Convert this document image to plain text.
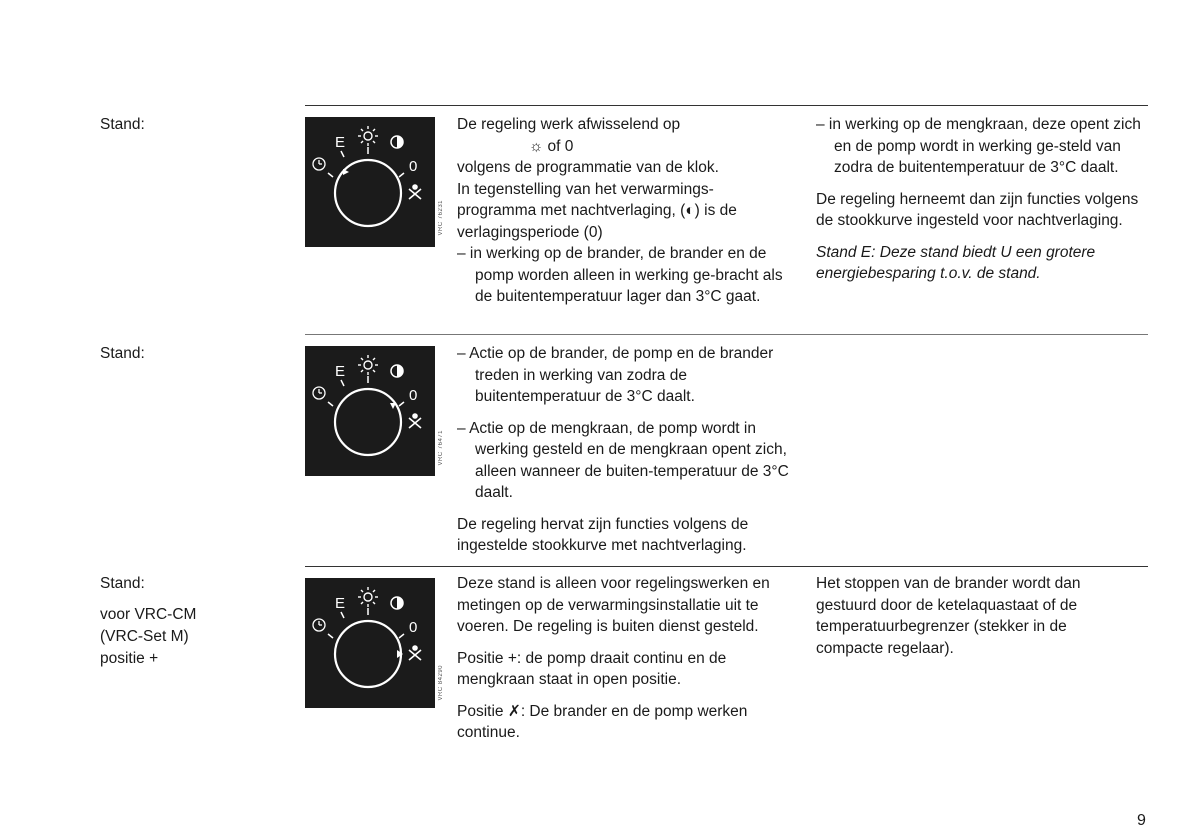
Stand:
E
0
VRC 76231

De regeling werk afwisselend op

☼ of 0

volgens de programmatie van de klok.

In tegenstelling van het verwarmings-

programma met nachtverlaging, (◐) is de

verlagingsperiode (0)

– in werking op de brander, de brander en de pomp worden alleen in werking ge-bracht als de buitentemperatuur lager dan 3°C gaat.

– in werking op de mengkraan, deze opent zich en de pomp wordt in werking ge-steld van zodra de buitentemperatuur de 3°C daalt.

De regeling herneemt dan zijn functies volgens de stookkurve ingesteld voor nachtverlaging.

Stand E: Deze stand biedt U een grotere energiebesparing t.o.v. de stand.

Stand:
E
0
VRC 76471

– Actie op de brander, de pomp en de brander treden in werking van zodra de buitentemperatuur de 3°C daalt.

– Actie op de mengkraan, de pomp wordt in werking gesteld en de mengkraan opent zich, alleen wanneer de buiten-temperatuur de 3°C daalt.

De regeling hervat zijn functies volgens de ingestelde stookkurve met nachtverlaging.

Stand:
voor VRC-CM
(VRC-Set M)
positie +
E
0
VRC 84290

Deze stand is alleen voor regelingswerken en metingen op de verwarmingsinstallatie uit te voeren. De regeling is buiten dienst gesteld.

Positie +: de pomp draait continu en de mengkraan staat in open positie.

Positie ✗: De brander en de pomp werken continue.

Het stoppen van de brander wordt dan gestuurd door de ketelaquastaat of de temperatuurbegrenzer (stekker in de compacte regelaar).

9
